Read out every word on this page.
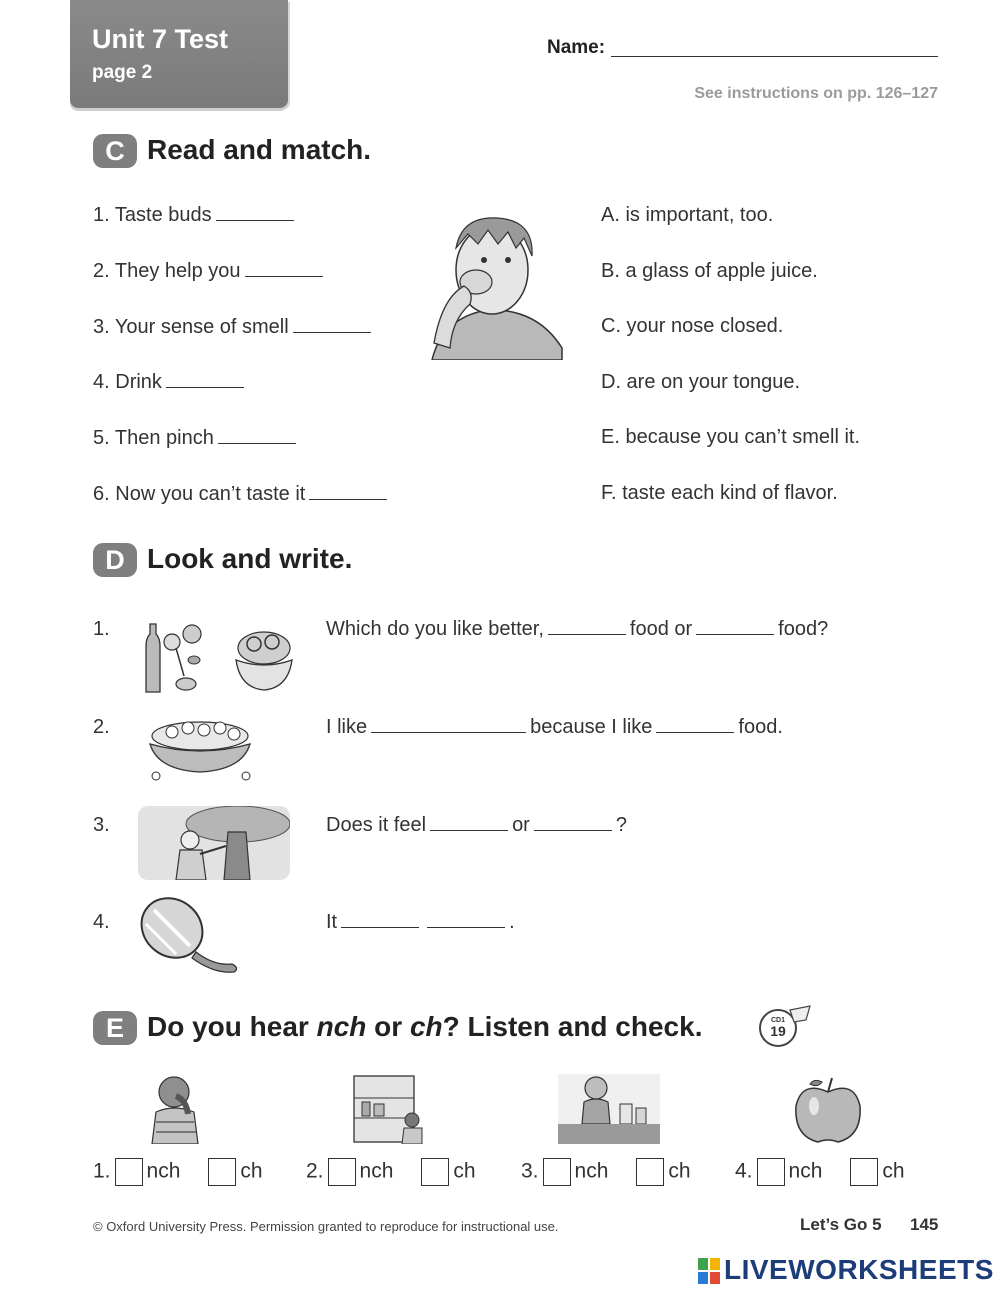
Unit 7 Test
page 2
Name:
See instructions on pp. 126–127
C Read and match.
1. Taste buds
2. They help you
3. Your sense of smell
4. Drink
5. Then pinch
6. Now you can’t taste it
A. is important, too.
B. a glass of apple juice.
C. your nose closed.
D. are on your tongue.
E. because you can’t smell it.
F. taste each kind of flavor.
D Look and write.
1.	Which do you like better,	food or	food?
2.	I like	because I like	food.
3.	Does it feel	or	?
4.	It	.
E Do you hear nch or ch? Listen and check.	CD1
19
1. nch	ch 2. nch	ch 3. nch	ch 4. nch	ch
© Oxford University Press. Permission granted to reproduce for instructional use.	Let’s Go 5 145
LIVEWORKSHEETS
